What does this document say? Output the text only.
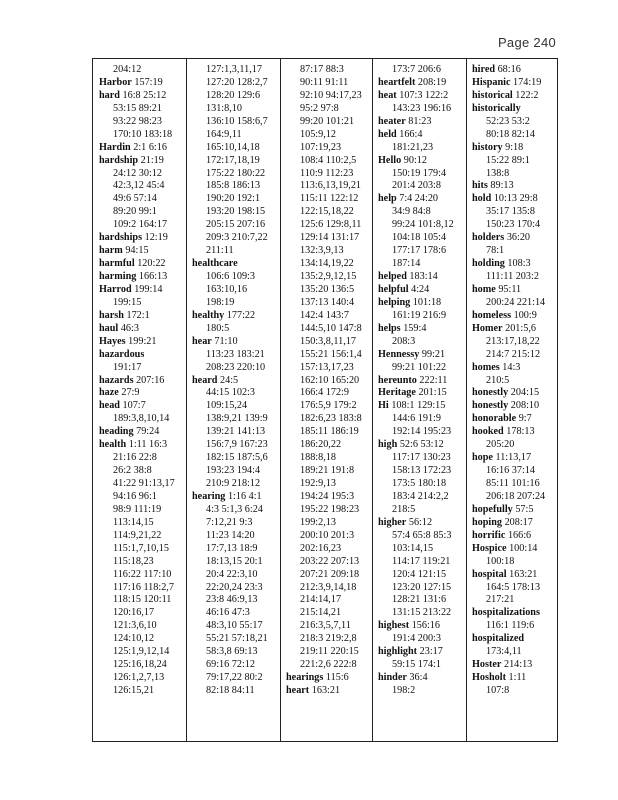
Page 240
204:12
Harbor 157:19
hard 16:8 25:12
53:15 89:21
93:22 98:23
170:10 183:18
Hardin 2:1 6:16
hardship 21:19
24:12 30:12
42:3,12 45:4
49:6 57:14
89:20 99:1
109:2 164:17
hardships 12:19
harm 94:15
harmful 120:22
harming 166:13
Harrod 199:14
199:15
harsh 172:1
haul 46:3
Hayes 199:21
hazardous
191:17
hazards 207:16
haze 27:9
head 107:7
189:3,8,10,14
heading 79:24
health 1:11 16:3
21:16 22:8
26:2 38:8
41:22 91:13,17
94:16 96:1
98:9 111:19
113:14,15
114:9,21,22
115:1,7,10,15
115:18,23
116:22 117:10
117:16 118:2,7
118:15 120:11
120:16,17
121:3,6,10
124:10,12
125:1,9,12,14
125:16,18,24
126:1,2,7,13
126:15,21
127:1,3,11,17
127:20 128:2,7
128:20 129:6
131:8,10
136:10 158:6,7
164:9,11
165:10,14,18
172:17,18,19
175:22 180:22
185:8 186:13
190:20 192:1
193:20 198:15
205:15 207:16
209:3 210:7,22
211:11
healthcare
106:6 109:3
163:10,16
198:19
healthy 177:22
180:5
hear 71:10
113:23 183:21
208:23 220:10
heard 24:5
44:15 102:3
109:15,24
138:9,21 139:9
139:21 141:13
156:7,9 167:23
182:15 187:5,6
193:23 194:4
210:9 218:12
hearing 1:16 4:1
4:3 5:1,3 6:24
7:12,21 9:3
11:23 14:20
17:7,13 18:9
18:13,15 20:1
20:4 22:3,10
22:20,24 23:3
23:8 46:9,13
46:16 47:3
48:3,10 55:17
55:21 57:18,21
58:3,8 69:13
69:16 72:12
79:17,22 80:2
82:18 84:11
87:17 88:3
90:11 91:11
92:10 94:17,23
95:2 97:8
99:20 101:21
105:9,12
107:19,23
108:4 110:2,5
110:9 112:23
113:6,13,19,21
115:11 122:12
122:15,18,22
125:6 129:8,11
129:14 131:17
132:3,9,13
134:14,19,22
135:2,9,12,15
135:20 136:5
137:13 140:4
142:4 143:7
144:5,10 147:8
150:3,8,11,17
155:21 156:1,4
157:13,17,23
162:10 165:20
166:4 172:9
176:5,9 179:2
182:6,23 183:8
185:11 186:19
186:20,22
188:8,18
189:21 191:8
192:9,13
194:24 195:3
195:22 198:23
199:2,13
200:10 201:3
202:16,23
203:22 207:13
207:21 209:18
212:3,9,14,18
214:14,17
215:14,21
216:3,5,7,11
218:3 219:2,8
219:11 220:15
221:2,6 222:8
hearings 115:6
heart 163:21
173:7 206:6
heartfelt 208:19
heat 107:3 122:2
143:23 196:16
heater 81:23
held 166:4
181:21,23
Hello 90:12
150:19 179:4
201:4 203:8
help 7:4 24:20
34:9 84:8
99:24 101:8,12
104:18 105:4
177:17 178:6
187:14
helped 183:14
helpful 4:24
helping 101:18
161:19 216:9
helps 159:4
208:3
Hennessy 99:21
99:21 101:22
hereunto 222:11
Heritage 201:15
Hi 108:1 129:15
144:6 191:9
192:14 195:23
high 52:6 53:12
117:17 130:23
158:13 172:23
173:5 180:18
183:4 214:2,2
218:5
higher 56:12
57:4 65:8 85:3
103:14,15
114:17 119:21
120:4 121:15
123:20 127:15
128:21 131:6
131:15 213:22
highest 156:16
191:4 200:3
highlight 23:17
59:15 174:1
hinder 36:4
198:2
hired 68:16
Hispanic 174:19
historical 122:2
historically
52:23 53:2
80:18 82:14
history 9:18
15:22 89:1
138:8
hits 89:13
hold 10:13 29:8
35:17 135:8
150:23 170:4
holders 36:20
78:1
holding 108:3
111:11 203:2
home 95:11
200:24 221:14
homeless 100:9
Homer 201:5,6
213:17,18,22
214:7 215:12
homes 14:3
210:5
honestly 204:15
honestly 208:10
honorable 9:7
hooked 178:13
205:20
hope 11:13,17
16:16 37:14
85:11 101:16
206:18 207:24
hopefully 57:5
hoping 208:17
horrific 166:6
Hospice 100:14
100:18
hospital 163:21
164:5 178:13
217:21
hospitalizations
116:1 119:6
hospitalized
173:4,11
Hoster 214:13
Hosholt 1:11
107:8
